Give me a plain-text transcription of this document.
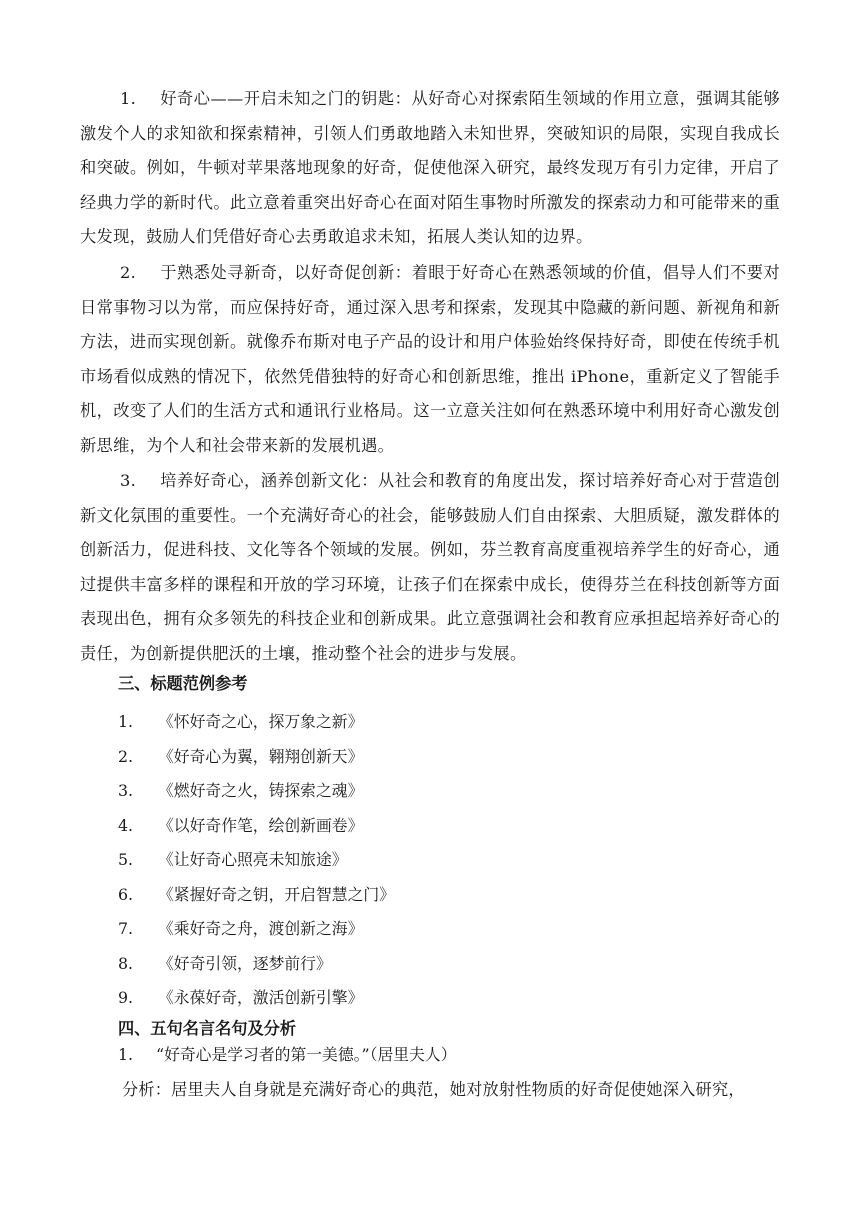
1. 好奇心——开启未知之门的钥匙：从好奇心对探索陌生领域的作用立意，强调其能够激发个人的求知欲和探索精神，引领人们勇敢地踏入未知世界，突破知识的局限，实现自我成长和突破。例如，牛顿对苹果落地现象的好奇，促使他深入研究，最终发现万有引力定律，开启了经典力学的新时代。此立意着重突出好奇心在面对陌生事物时所激发的探索动力和可能带来的重大发现，鼓励人们凭借好奇心去勇敢追求未知，拓展人类认知的边界。

2. 于熟悉处寻新奇，以好奇促创新：着眼于好奇心在熟悉领域的价值，倡导人们不要对日常事物习以为常，而应保持好奇，通过深入思考和探索，发现其中隐藏的新问题、新视角和新方法，进而实现创新。就像乔布斯对电子产品的设计和用户体验始终保持好奇，即使在传统手机市场看似成熟的情况下，依然凭借独特的好奇心和创新思维，推出 iPhone，重新定义了智能手机，改变了人们的生活方式和通讯行业格局。这一立意关注如何在熟悉环境中利用好奇心激发创新思维，为个人和社会带来新的发展机遇。

3. 培养好奇心，涵养创新文化：从社会和教育的角度出发，探讨培养好奇心对于营造创新文化氛围的重要性。一个充满好奇心的社会，能够鼓励人们自由探索、大胆质疑，激发群体的创新活力，促进科技、文化等各个领域的发展。例如，芬兰教育高度重视培养学生的好奇心，通过提供丰富多样的课程和开放的学习环境，让孩子们在探索中成长，使得芬兰在科技创新等方面表现出色，拥有众多领先的科技企业和创新成果。此立意强调社会和教育应承担起培养好奇心的责任，为创新提供肥沃的土壤，推动整个社会的进步与发展。

三、标题范例参考
1. 《怀好奇之心，探万象之新》
2. 《好奇心为翼，翱翔创新天》
3. 《燃好奇之火，铸探索之魂》
4. 《以好奇作笔，绘创新画卷》
5. 《让好奇心照亮未知旅途》
6. 《紧握好奇之钥，开启智慧之门》
7. 《乘好奇之舟，渡创新之海》
8. 《好奇引领，逐梦前行》
9. 《永葆好奇，激活创新引擎》
四、五句名言名句及分析

1. “好奇心是学习者的第一美德。”（居里夫人）

分析：居里夫人自身就是充满好奇心的典范，她对放射性物质的好奇促使她深入研究，
